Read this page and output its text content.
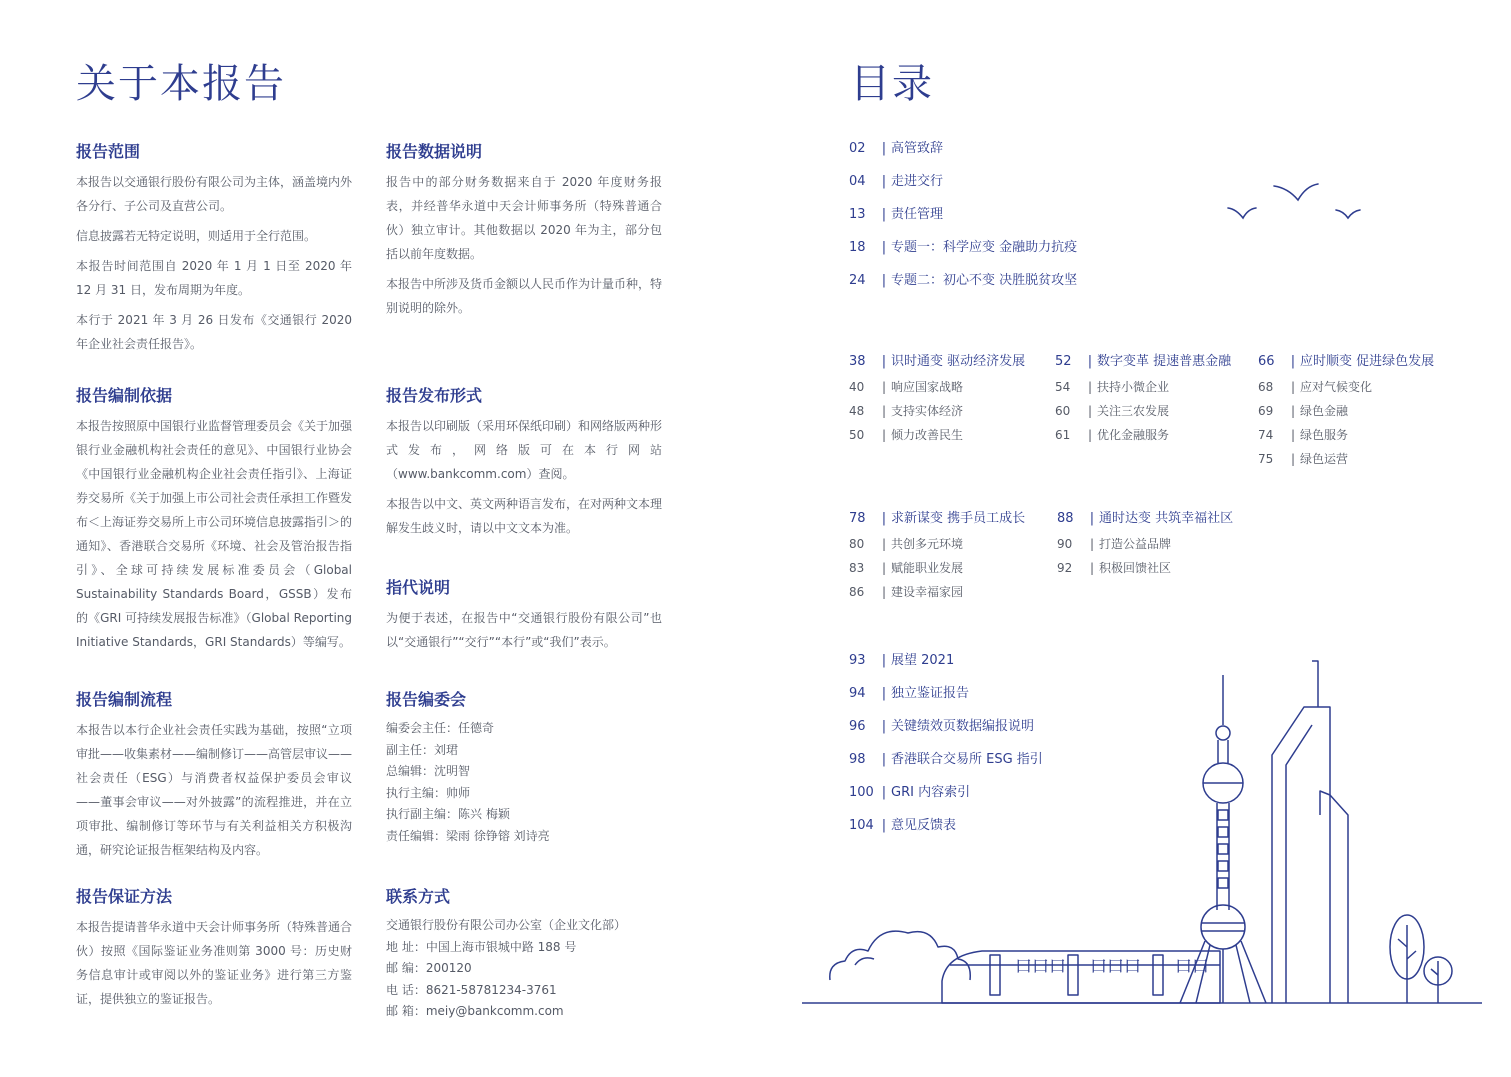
关于本报告
报告范围

本报告以交通银行股份有限公司为主体，涵盖境内外各分行、子公司及直营公司。

信息披露若无特定说明，则适用于全行范围。

本报告时间范围自 2020 年 1 月 1 日至 2020 年 12 月 31 日，发布周期为年度。

本行于 2021 年 3 月 26 日发布《交通银行 2020 年企业社会责任报告》。

报告编制依据

本报告按照原中国银行业监督管理委员会《关于加强银行业金融机构社会责任的意见》、中国银行业协会《中国银行业金融机构企业社会责任指引》、上海证券交易所《关于加强上市公司社会责任承担工作暨发布＜上海证券交易所上市公司环境信息披露指引＞的通知》、香港联合交易所《环境、社会及管治报告指引》、全球可持续发展标准委员会（Global Sustainability Standards Board，GSSB）发布的《GRI 可持续发展报告标准》（Global Reporting Initiative Standards，GRI Standards）等编写。

报告编制流程

本报告以本行企业社会责任实践为基础，按照“立项审批——收集素材——编制修订——高管层审议——社会责任（ESG）与消费者权益保护委员会审议——董事会审议——对外披露”的流程推进，并在立项审批、编制修订等环节与有关利益相关方积极沟通，研究论证报告框架结构及内容。

报告保证方法

本报告提请普华永道中天会计师事务所（特殊普通合伙）按照《国际鉴证业务准则第 3000 号：历史财务信息审计或审阅以外的鉴证业务》进行第三方鉴证，提供独立的鉴证报告。

报告数据说明

报告中的部分财务数据来自于 2020 年度财务报表，并经普华永道中天会计师事务所（特殊普通合伙）独立审计。其他数据以 2020 年为主，部分包括以前年度数据。

本报告中所涉及货币金额以人民币作为计量币种，特别说明的除外。

报告发布形式

本报告以印刷版（采用环保纸印刷）和网络版两种形式发布，网络版可在本行网站（www.bankcomm.com）查阅。

本报告以中文、英文两种语言发布，在对两种文本理解发生歧义时，请以中文文本为准。

指代说明

为便于表述，在报告中“交通银行股份有限公司”也以“交通银行”“交行”“本行”或“我们”表示。

报告编委会
编委会主任：任德奇
副主任：刘珺
总编辑：沈明智
执行主编：帅师
执行副主编：陈兴 梅颖
责任编辑：梁雨 徐铮镕 刘诗亮
联系方式
交通银行股份有限公司办公室（企业文化部）
地 址：中国上海市银城中路 188 号
邮 编：200120
电 话：8621-58781234-3761
邮 箱：meiy@bankcomm.com
目录
02 | 高管致辞
04 | 走进交行
13 | 责任管理
18 | 专题一：科学应变 金融助力抗疫
24 | 专题二：初心不变 决胜脱贫攻坚
38 | 识时通变 驱动经济发展
40 | 响应国家战略
48 | 支持实体经济
50 | 倾力改善民生
52 | 数字变革 提速普惠金融
54 | 扶持小微企业
60 | 关注三农发展
61 | 优化金融服务
66 | 应时顺变 促进绿色发展
68 | 应对气候变化
69 | 绿色金融
74 | 绿色服务
75 | 绿色运营
78 | 求新谋变 携手员工成长
80 | 共创多元环境
83 | 赋能职业发展
86 | 建设幸福家园
88 | 通时达变 共筑幸福社区
90 | 打造公益品牌
92 | 积极回馈社区
93 | 展望 2021
94 | 独立鉴证报告
96 | 关键绩效页数据编报说明
98 | 香港联合交易所 ESG 指引
100 | GRI 内容索引
104 | 意见反馈表
口口口 口口口 口口
